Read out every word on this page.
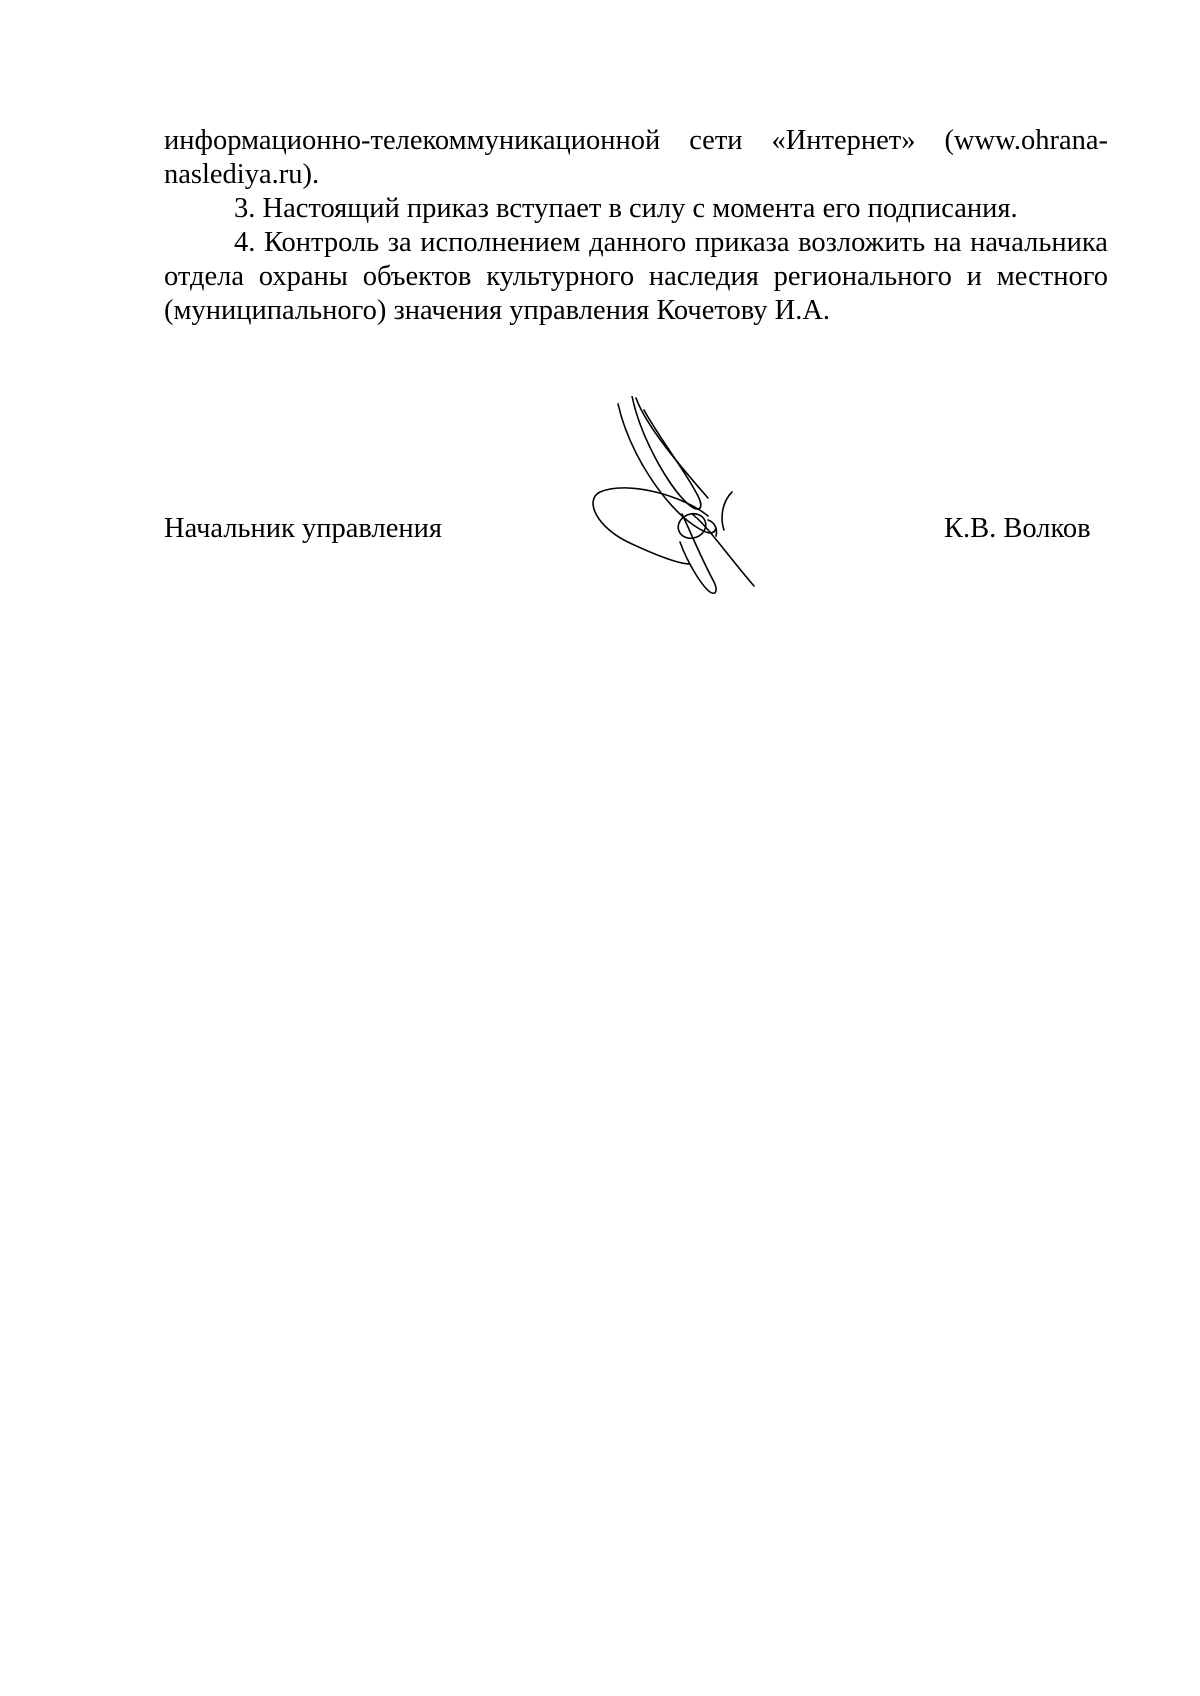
информационно-телекоммуникационной сети «Интернет» (www.ohrana-

naslediya.ru).

3. Настоящий приказ вступает в силу с момента его подписания.

4. Контроль за исполнением данного приказа возложить на начальника
отдела охраны объектов культурного наследия регионального и местного

(муниципального) значения управления Кочетову И.А.

Начальник управления	К.В. Волков
